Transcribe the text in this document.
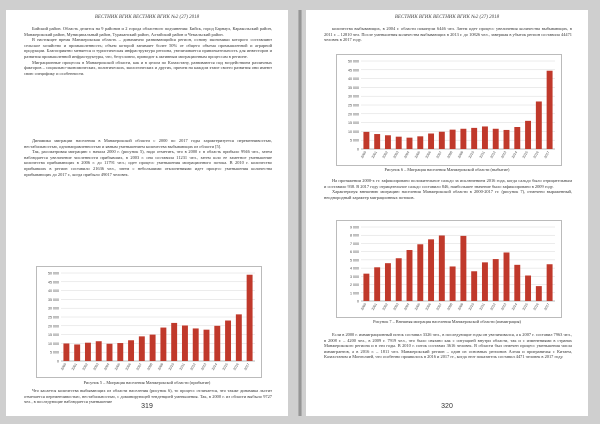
ВЕСТНИК ВГИК ВЕСТНИК ВГИК №2 (27) 2018

Бийский район. Область делится на 9 районов и 2 города областного подчинения: Бийск, город Барнаул, Каракольский район, Манжерокский район, Муниципальный район, Тураканский район, Алтайский район и Чемальский район.

В настоящее время Манжерокская область – динамично развивающийся регион, основу экономики которого составляют сельское хозяйство и промышленность; объем которой занимает более 50% от общего объема промышленной и аграрной продукции. Благоприятно меняется и туристическая инфраструктура региона, увеличивается привлекательность для инвесторов и развития промышленной инфраструктуры, что, безусловно, приводит к активным миграционным процессам в регионе.

Миграционные процессы в Манжерокской области, как и в целом по Казахстану, развиваются под воздействием различных факторов – социально-экономических, политических, экологических и других, причем на каждом этапе своего развития они имеют свою специфику и особенности.

Динамика миграции населения в Манжерокской области с 2000 по 2017 годы характеризуется переменчивостью, нестабильностью, однонаправленностью и явным уменьшением количества выбывающих из области [5].

Так, рассматривая миграцию с начала 2000 г. (рисунок 5), надо отметить, что в 2000 г. в область прибыло 9946 чел., затем наблюдается увеличение численности прибывших, в 2003 г. она составила 11231 чел., затем шло ее заметное уменьшение количества прибывающих в 2006 г. до 11791 чел.; идет процесс уменьшения миграционного потока. В 2010 г. количество прибывших в регион составило 21636 чел., затем с небольшими отклонениями идет процесс уменьшения количества прибывающих до 2017 г., когда прибыло 49017 человек.

0
5 000
10 000
15 000
20 000
25 000
30 000
35 000
40 000
45 000
50 000
2000 2001 2002 2003 2004 2005 2006 2007 2008 2009 2010 2011 2012 2013 2014 2015 2016 2017
Рисунок 5 – Миграция населения Манжерокской области (прибытие)

Что касается количества выбывающих из области населения (рисунок 6), то процесс отличается, что также динамика льстит отмечается переменчивостью, нестабильностью, с доминирующей тенденцией уменьшения. Так, в 2000 г. из области выбыло 9727 чел., в последующие наблюдается уменьшение

319
ВЕСТНИК ВГИК ВЕСТНИК ВГИК №2 (27) 2018

количества выбывающих, в 2004 г. области покинули 6446 чел. Затем идет процесс увеличения количества выбывающих, в 2011 г. – 12810 чел. После уменьшения количества выбывающих в 2013 г. до 10826 чел., завершая в убыток регион составила 44471 человек в 2017 году.

0
5 000
10 000
15 000
20 000
25 000
30 000
35 000
40 000
45 000
50 000
2000 2001 2002 2003 2004 2005 2006 2007 2008 2009 2010 2011 2012 2013 2014 2015 2016 2017
Рисунок 6 – Миграция населения Манжерокской области (выбытие)

На протяжении 2000-х гг. зафиксировано положительное сальдо за исключением 2016 года, когда сальдо было отрицательным и составило 938. В 2017 году отрицательное сальдо составило 846, наибольшее значение было зафиксировано в 2009 году.

Характеризуя внешнюю миграцию населения Манжерокской области в 2000-2017 гг. (рисунок 7), отмечено выраженный, неоднородный характер миграционных потоков.

0
1 000
2 000
3 000
4 000
5 000
6 000
7 000
8 000
9 000
2000 2001 2002 2003 2004 2005 2006 2007 2008 2009 2010 2011 2012 2013 2014 2015 2016 2017
Рисунок 7 – Внешняя миграция населения Манжерокской области (иммиграция)

Если в 2000 г. иммиграционный поток составил 3326 чел., в последующие годы он увеличивался, а к 2007 г. составил 7963 чел., в 2008 г. – 4200 чел., в 2009 г. 7919 чел., что было связано как с ситуацией внутри области, так и с изменениями в странах Манжерокского региона и в эти годы. В 2010 г. поток составил 3616 человек. В области был отмечен процесс уменьшения числа иммигрантов, а в 2016 г. – 1811 чел. Манжерокский регион – один из основных регионов Алтая и приграничья с Китаем, Казахстаном и Монголией, что особенно проявилось в 2016 и 2017 гг., когда этот показатель составил 4471 человек в 2017 году.

320
